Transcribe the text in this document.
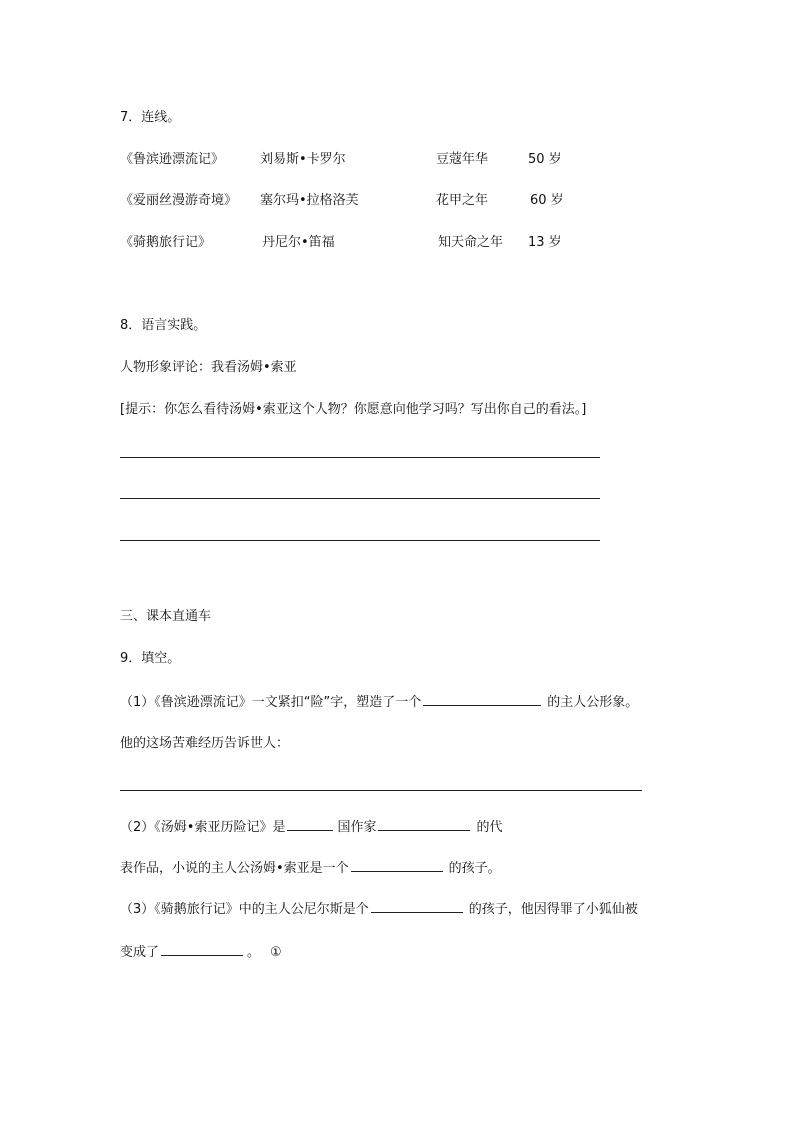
7．连线。
《鲁滨逊漂流记》	刘易斯•卡罗尔	豆蔻年华	50 岁
《爱丽丝漫游奇境》 塞尔玛•拉格洛芙	花甲之年	60 岁
《骑鹅旅行记》	丹尼尔•笛福	知天命之年 13 岁
8．语言实践。
人物形象评论：我看汤姆•索亚
[提示：你怎么看待汤姆•索亚这个人物？你愿意向他学习吗？写出你自己的看法。]
三、课本直通车
9．填空。
（1）《鲁滨逊漂流记》一文紧扣“险”字，塑造了一个	的主人公形象。
他的这场苦难经历告诉世人：
（2）《汤姆•索亚历险记》是	国作家	的代
表作品，小说的主人公汤姆•索亚是一个	的孩子。
（3）《骑鹅旅行记》中的主人公尼尔斯是个	的孩子，他因得罪了小狐仙被
变成了	。 ①
